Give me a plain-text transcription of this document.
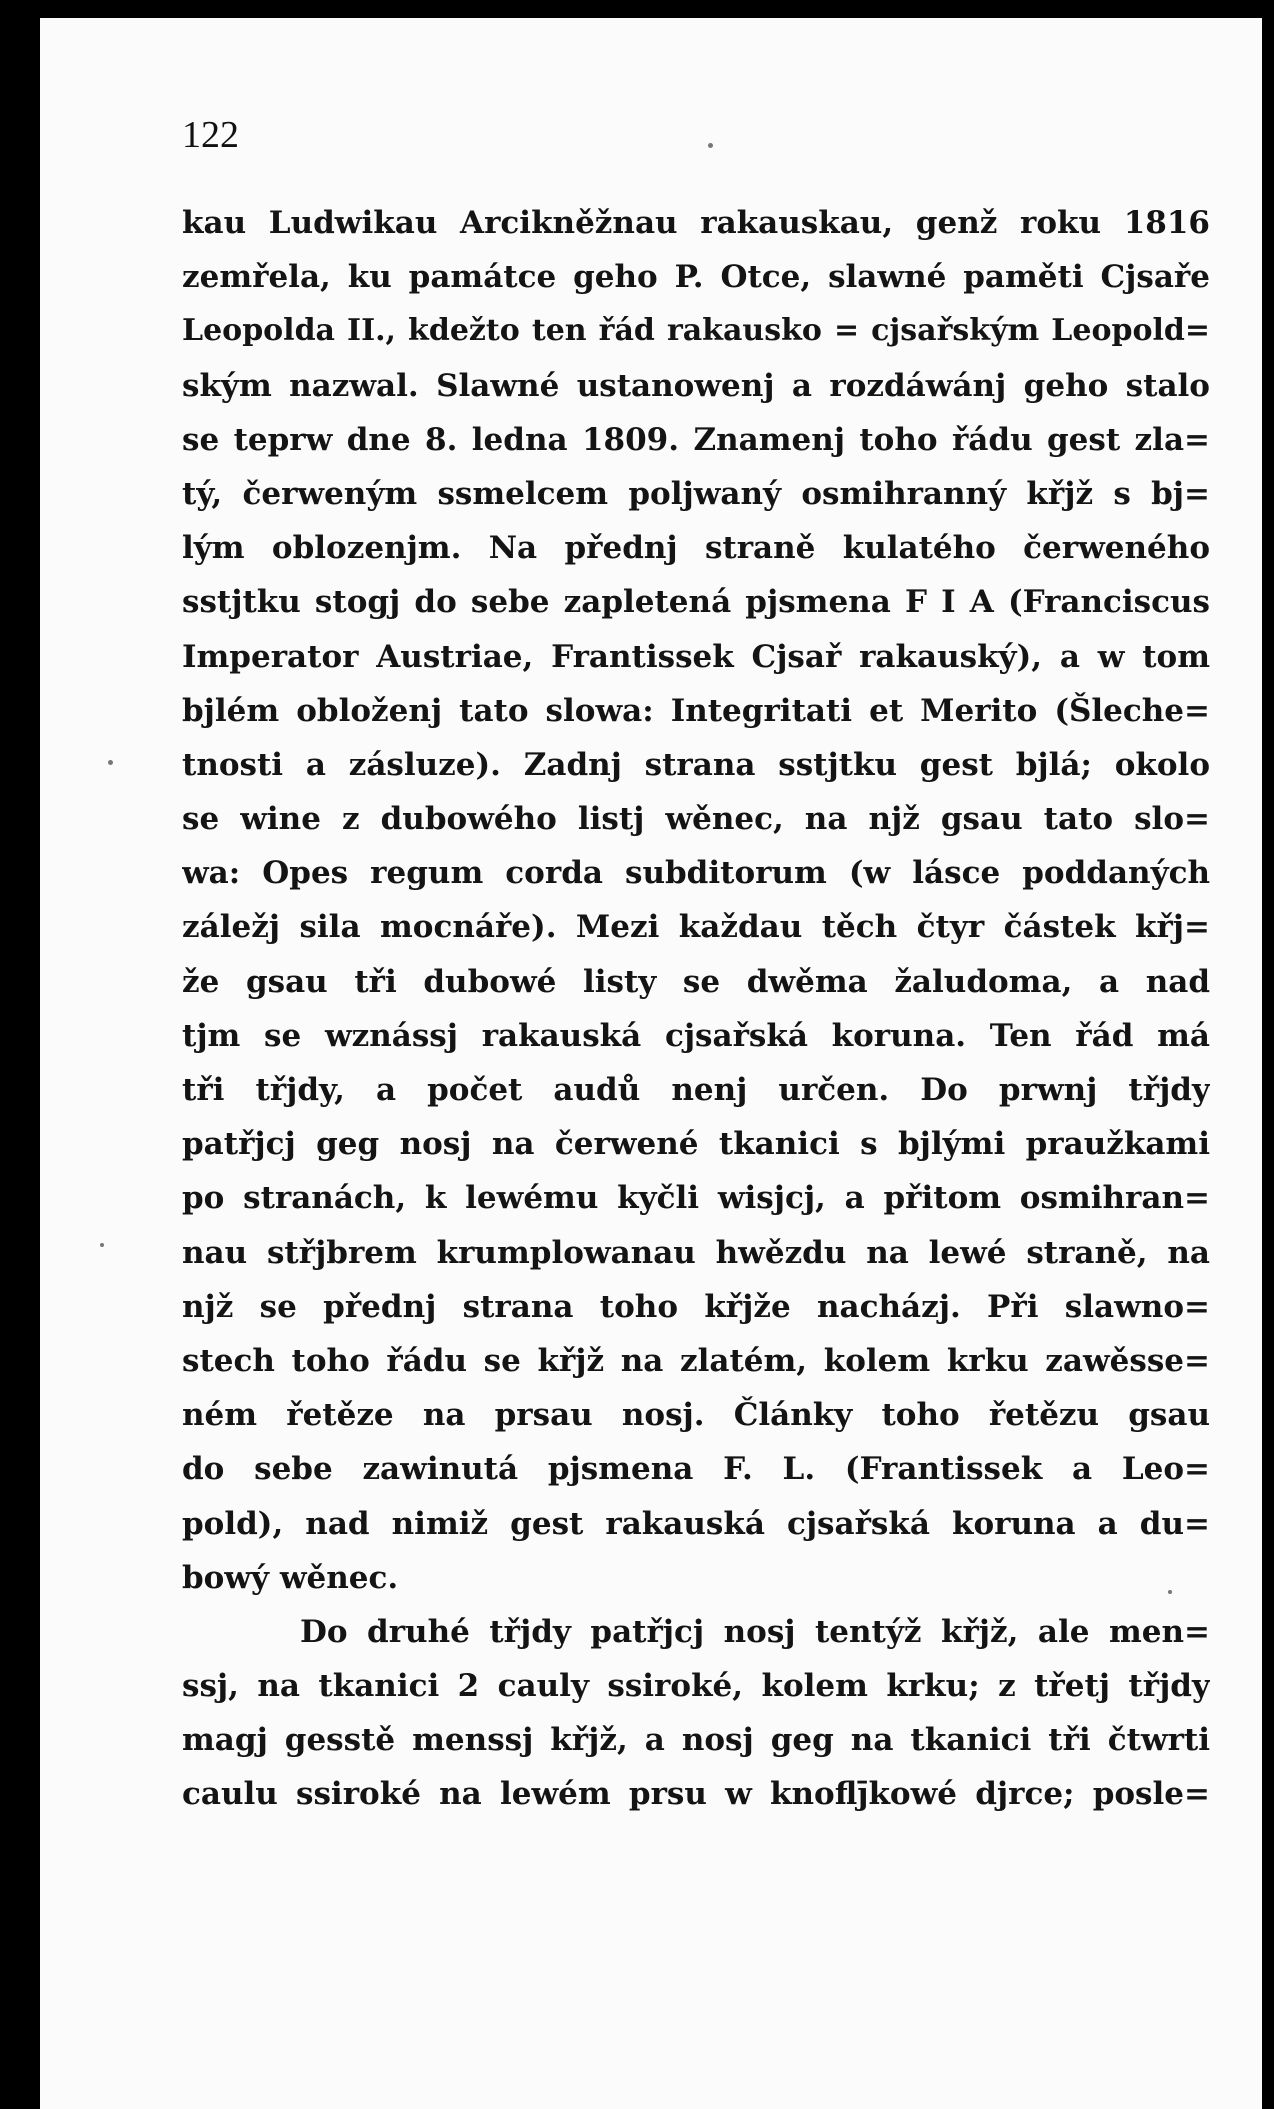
122
kau Ludwikau Arcikněžnau rakauskau, genž roku 1816
zemřela, ku památce geho P. Otce, slawné paměti Cjsaře
Leopolda II., kdežto ten řád rakausko = cjsařským Leopold=
ským nazwal. Slawné ustanowenj a rozdáwánj geho stalo
se teprw dne 8. ledna 1809. Znamenj toho řádu gest zla=
tý, čerweným ssmelcem poljwaný osmihranný křjž s bj=
lým oblozenjm. Na přednj straně kulatého čerweného
sstjtku stogj do sebe zapletená pjsmena F I A (Franciscus
Imperator Austriae, Frantissek Cjsař rakauský), a w tom
bjlém obloženj tato slowa: Integritati et Merito (Šleche=
tnosti a zásluze). Zadnj strana sstjtku gest bjlá; okolo
se wine z dubowého listj wěnec, na njž gsau tato slo=
wa: Opes regum corda subditorum (w lásce poddaných
záležj sila mocnáře). Mezi každau těch čtyr částek křj=
že gsau tři dubowé listy se dwěma žaludoma, a nad
tjm se wznássj rakauská cjsařská koruna. Ten řád má
tři třjdy, a počet audů nenj určen. Do prwnj třjdy
patřjcj geg nosj na čerwené tkanici s bjlými praužkami
po stranách, k lewému kyčli wisjcj, a přitom osmihran=
nau střjbrem krumplowanau hwězdu na lewé straně, na
njž se přednj strana toho křjže nacházj. Při slawno=
stech toho řádu se křjž na zlatém, kolem krku zawěsse=
ném řetěze na prsau nosj. Články toho řetězu gsau
do sebe zawinutá pjsmena F. L. (Frantissek a Leo=
pold), nad nimiž gest rakauská cjsařská koruna a du=
bowý wěnec.
Do druhé třjdy patřjcj nosj tentýž křjž, ale men=
ssj, na tkanici 2 cauly ssiroké, kolem krku; z třetj třjdy
magj gesstě menssj křjž, a nosj geg na tkanici tři čtwrti
caulu ssiroké na lewém prsu w knoflj̄kowé djrce; posle=
